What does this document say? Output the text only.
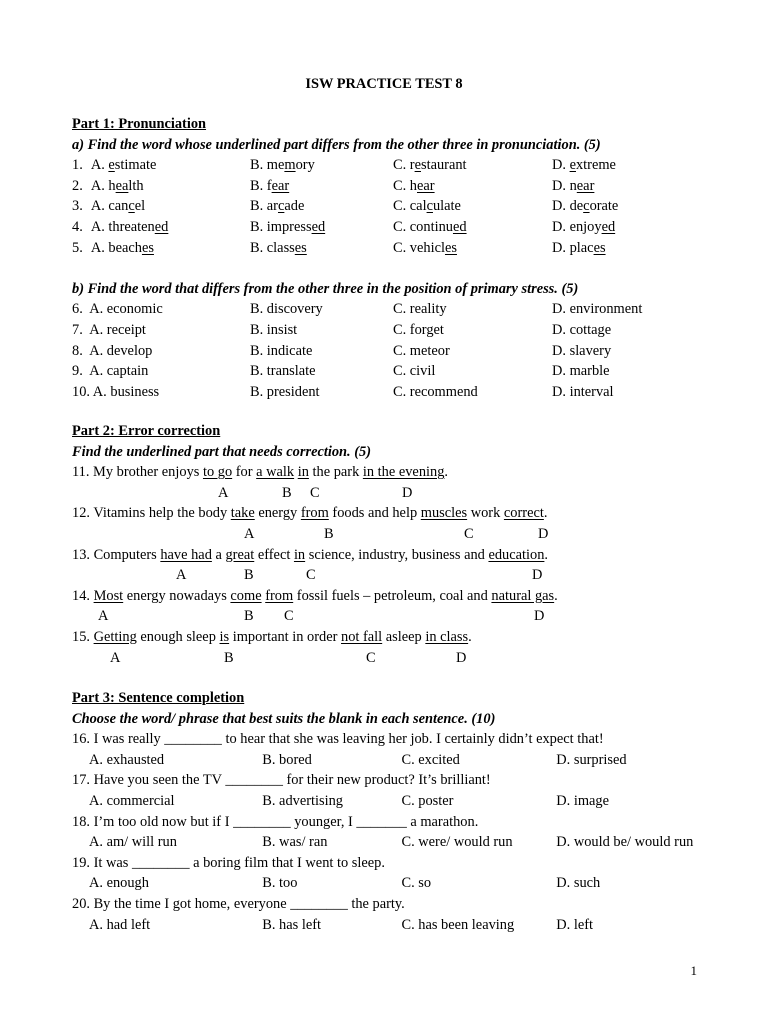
ISW PRACTICE TEST 8
Part 1: Pronunciation
a) Find the word whose underlined part differs from the other three in pronunciation. (5)
1.  A. estimate	B. memory	C. restaurant	D. extreme
2.  A. health	B. fear	C. hear	D. near
3.  A. cancel	B. arcade	C. calculate	D. decorate
4.  A. threatened	B. impressed	C. continued	D. enjoyed
5.  A. beaches	B. classes	C. vehicles	D. places
b) Find the word that differs from the other three in the position of primary stress. (5)
6.  A. economic	B. discovery	C. reality	D. environment
7.  A. receipt	B. insist	C. forget	D. cottage
8.  A. develop	B. indicate	C. meteor	D. slavery
9.  A. captain	B. translate	C. civil	D. marble
10. A. business	B. president	C. recommend	D. interval
Part 2: Error correction
Find the underlined part that needs correction. (5)
11. My brother enjoys to go for a walk in the park in the evening.
A	B C	D
12. Vitamins help the body take energy from foods and help muscles work correct.
A	B	C	D
13. Computers have had a great effect in science, industry, business and education.
A	B	C	D
14. Most energy nowadays come from fossil fuels – petroleum, coal and natural gas.
A	B C	D
15. Getting enough sleep is important in order not fall asleep in class.
A	B	C	D
Part 3: Sentence completion
Choose the word/ phrase that best suits the blank in each sentence. (10)
16. I was really ________ to hear that she was leaving her job. I certainly didn’t expect that!
A. exhausted	B. bored	C. excited	D. surprised
17. Have you seen the TV ________ for their new product? It’s brilliant!
A. commercial	B. advertising	C. poster	D. image
18. I’m too old now but if I ________ younger, I _______ a marathon.
A. am/ will run	B. was/ ran	C. were/ would run	D. would be/ would run
19. It was ________ a boring film that I went to sleep.
A. enough	B. too	C. so	D. such
20. By the time I got home, everyone ________ the party.
A. had left	B. has left	C. has been leaving	D. left
1
